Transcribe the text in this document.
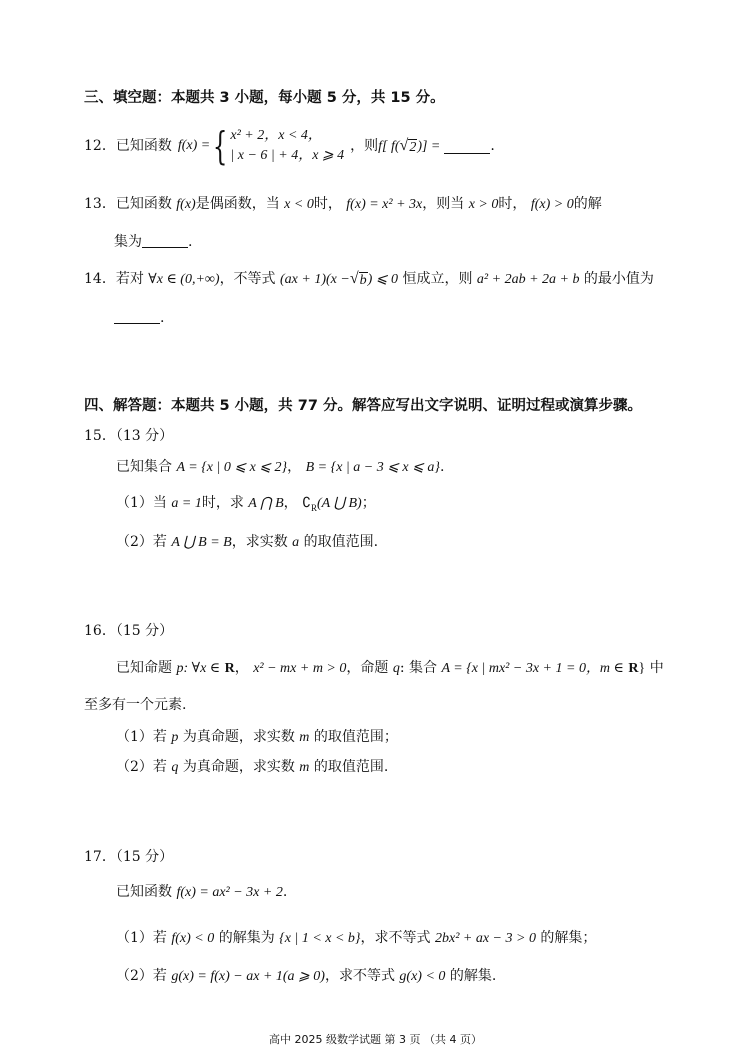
三、填空题：本题共 3 小题，每小题 5 分，共 15 分。
12． 已知函数 f(x) = { x² + 2，x < 4，
| x − 6 | + 4，x ⩾ 4
，则 f[ f( √ 2 )] =	.
13．已知函数 f(x)是偶函数，当 x < 0时， f(x) = x² + 3x，则当 x > 0时， f(x) > 0的解
集为	.
14．若对 ∀x ∈ (0,+∞)，不等式 (ax + 1)(x − √ b ) ⩽ 0 恒成立，则 a² + 2ab + 2a + b 的最小值为
.
四、解答题：本题共 5 小题，共 77 分。解答应写出文字说明、证明过程或演算步骤。
15．（13 分）
已知集合 A = {x | 0 ⩽ x ⩽ 2}， B = {x | a − 3 ⩽ x ⩽ a}.
（1）当 a = 1时，求 A ⋂ B， $∁_R(A$ ⋃ B)；
（2）若 A ⋃ B = B，求实数 a 的取值范围.
16．（15 分）
已知命题 p: ∀x ∈ R， x² − mx + m > 0，命题 q: 集合 A = {x | mx² − 3x + 1 = 0，m ∈ R} 中
至多有一个元素.
（1）若 p 为真命题，求实数 m 的取值范围；
（2）若 q 为真命题，求实数 m 的取值范围.
17．（15 分）
已知函数 f(x) = ax² − 3x + 2.
（1）若 f(x) < 0 的解集为 {x | 1 < x < b}，求不等式 2bx² + ax − 3 > 0 的解集；
（2）若 g(x) = f(x) − ax + 1(a ⩾ 0)，求不等式 g(x) < 0 的解集.
高中 2025 级数学试题 第 3 页 （共 4 页）
